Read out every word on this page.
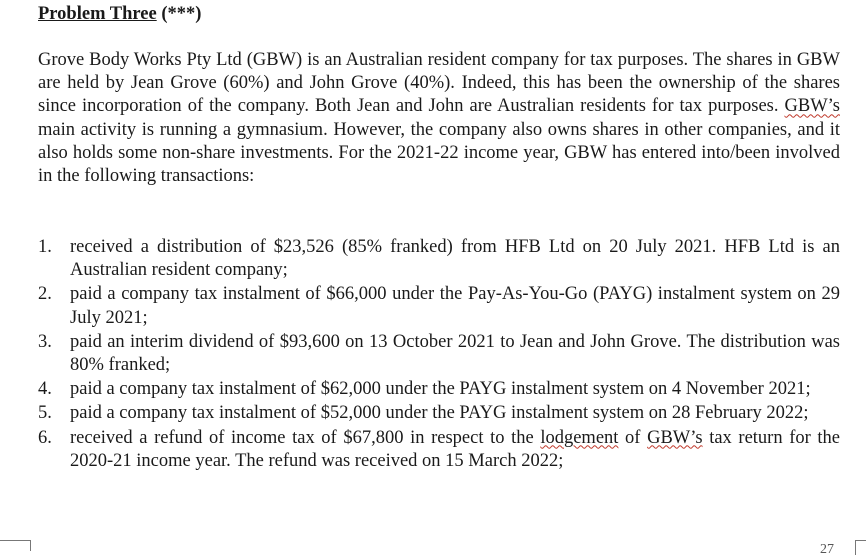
Problem Three (***)
Grove Body Works Pty Ltd (GBW) is an Australian resident company for tax purposes. The shares in GBW are held by Jean Grove (60%) and John Grove (40%). Indeed, this has been the ownership of the shares since incorporation of the company. Both Jean and John are Australian residents for tax purposes. GBW’s main activity is running a gymnasium. However, the company also owns shares in other companies, and it also holds some non-share investments. For the 2021-22 income year, GBW has entered into/been involved in the following transactions:
1. received a distribution of $23,526 (85% franked) from HFB Ltd on 20 July 2021. HFB Ltd is an Australian resident company;
2. paid a company tax instalment of $66,000 under the Pay-As-You-Go (PAYG) instalment system on 29 July 2021;
3. paid an interim dividend of $93,600 on 13 October 2021 to Jean and John Grove. The distribution was 80% franked;
4. paid a company tax instalment of $62,000 under the PAYG instalment system on 4 November 2021;
5. paid a company tax instalment of $52,000 under the PAYG instalment system on 28 February 2022;
6. received a refund of income tax of $67,800 in respect to the lodgement of GBW’s tax return for the 2020-21 income year. The refund was received on 15 March 2022;
27
